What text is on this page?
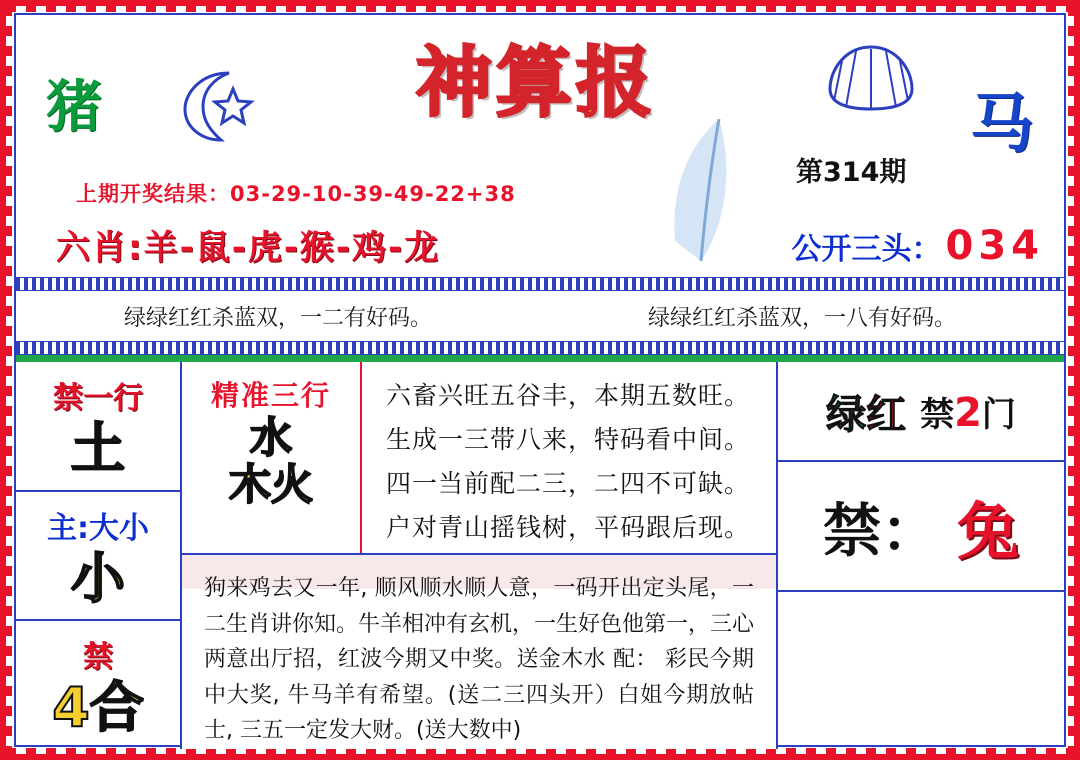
猪	神算报
第314期
马
上期开奖结果：03-29-10-39-49-22+38
六肖:羊-鼠-虎-猴-鸡-龙	公开三头： 034
绿绿红红杀蓝双，一二有好码。	绿绿红红杀蓝双，一八有好码。
禁一行
土
主:大小
小
禁
4合
精准三行
水
木火

六畜兴旺五谷丰，本期五数旺。

生成一三带八来，特码看中间。

四一当前配二三，二四不可缺。

户对青山摇钱树，平码跟后现。

狗来鸡去又一年, 顺风顺水顺人意，一码开出定头尾，一二生肖讲你知。牛羊相冲有玄机，一生好色他第一，三心两意出厅招，红波今期又中奖。送金木水 配： 彩民今期中大奖, 牛马羊有希望。(送二三四头开）白姐今期放帖士, 三五一定发大财。(送大数中)

绿红 禁2门
禁： 兔
